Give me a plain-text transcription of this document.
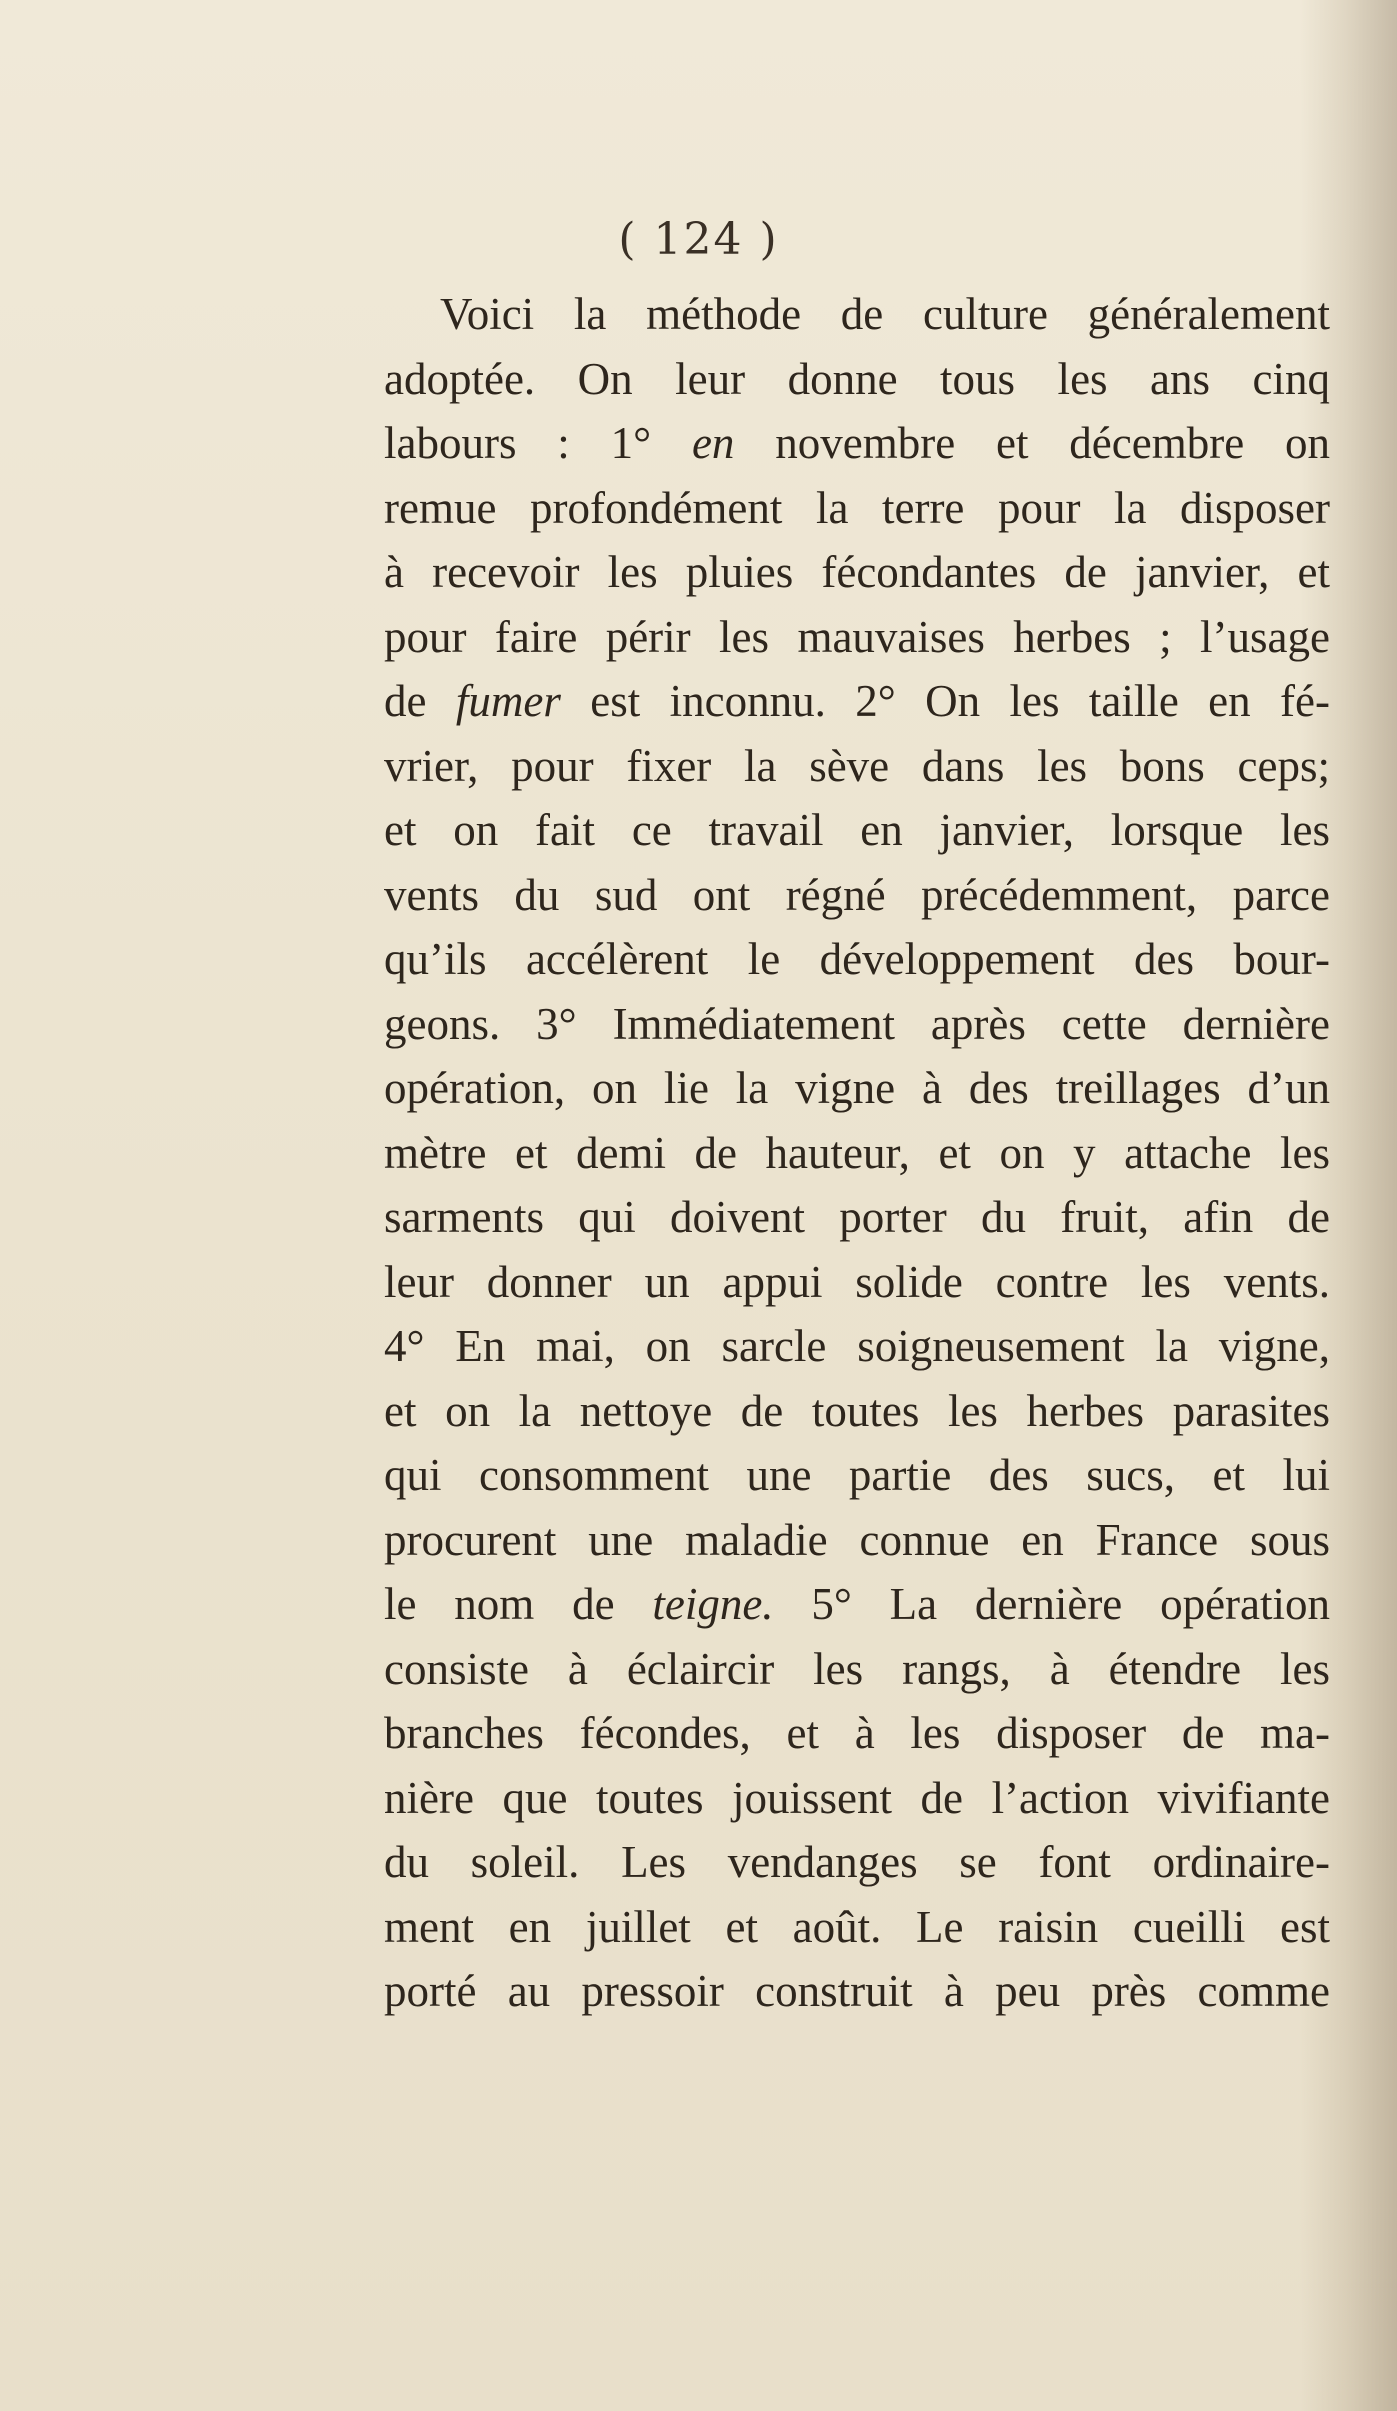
( 124 )
Voici la méthode de culture généralement
adoptée. On leur donne tous les ans cinq
labours : 1° en novembre et décembre on
remue profondément la terre pour la disposer
à recevoir les pluies fécondantes de janvier, et
pour faire périr les mauvaises herbes ; l’usage
de fumer est inconnu. 2° On les taille en fé-
vrier, pour fixer la sève dans les bons ceps;
et on fait ce travail en janvier, lorsque les
vents du sud ont régné précédemment, parce
qu’ils accélèrent le développement des bour-
geons. 3° Immédiatement après cette dernière
opération, on lie la vigne à des treillages d’un
mètre et demi de hauteur, et on y attache les
sarments qui doivent porter du fruit, afin de
leur donner un appui solide contre les vents.
4° En mai, on sarcle soigneusement la vigne,
et on la nettoye de toutes les herbes parasites
qui consomment une partie des sucs, et lui
procurent une maladie connue en France sous
le nom de teigne. 5° La dernière opération
consiste à éclaircir les rangs, à étendre les
branches fécondes, et à les disposer de ma-
nière que toutes jouissent de l’action vivifiante
du soleil. Les vendanges se font ordinaire-
ment en juillet et août. Le raisin cueilli est
porté au pressoir construit à peu près comme
